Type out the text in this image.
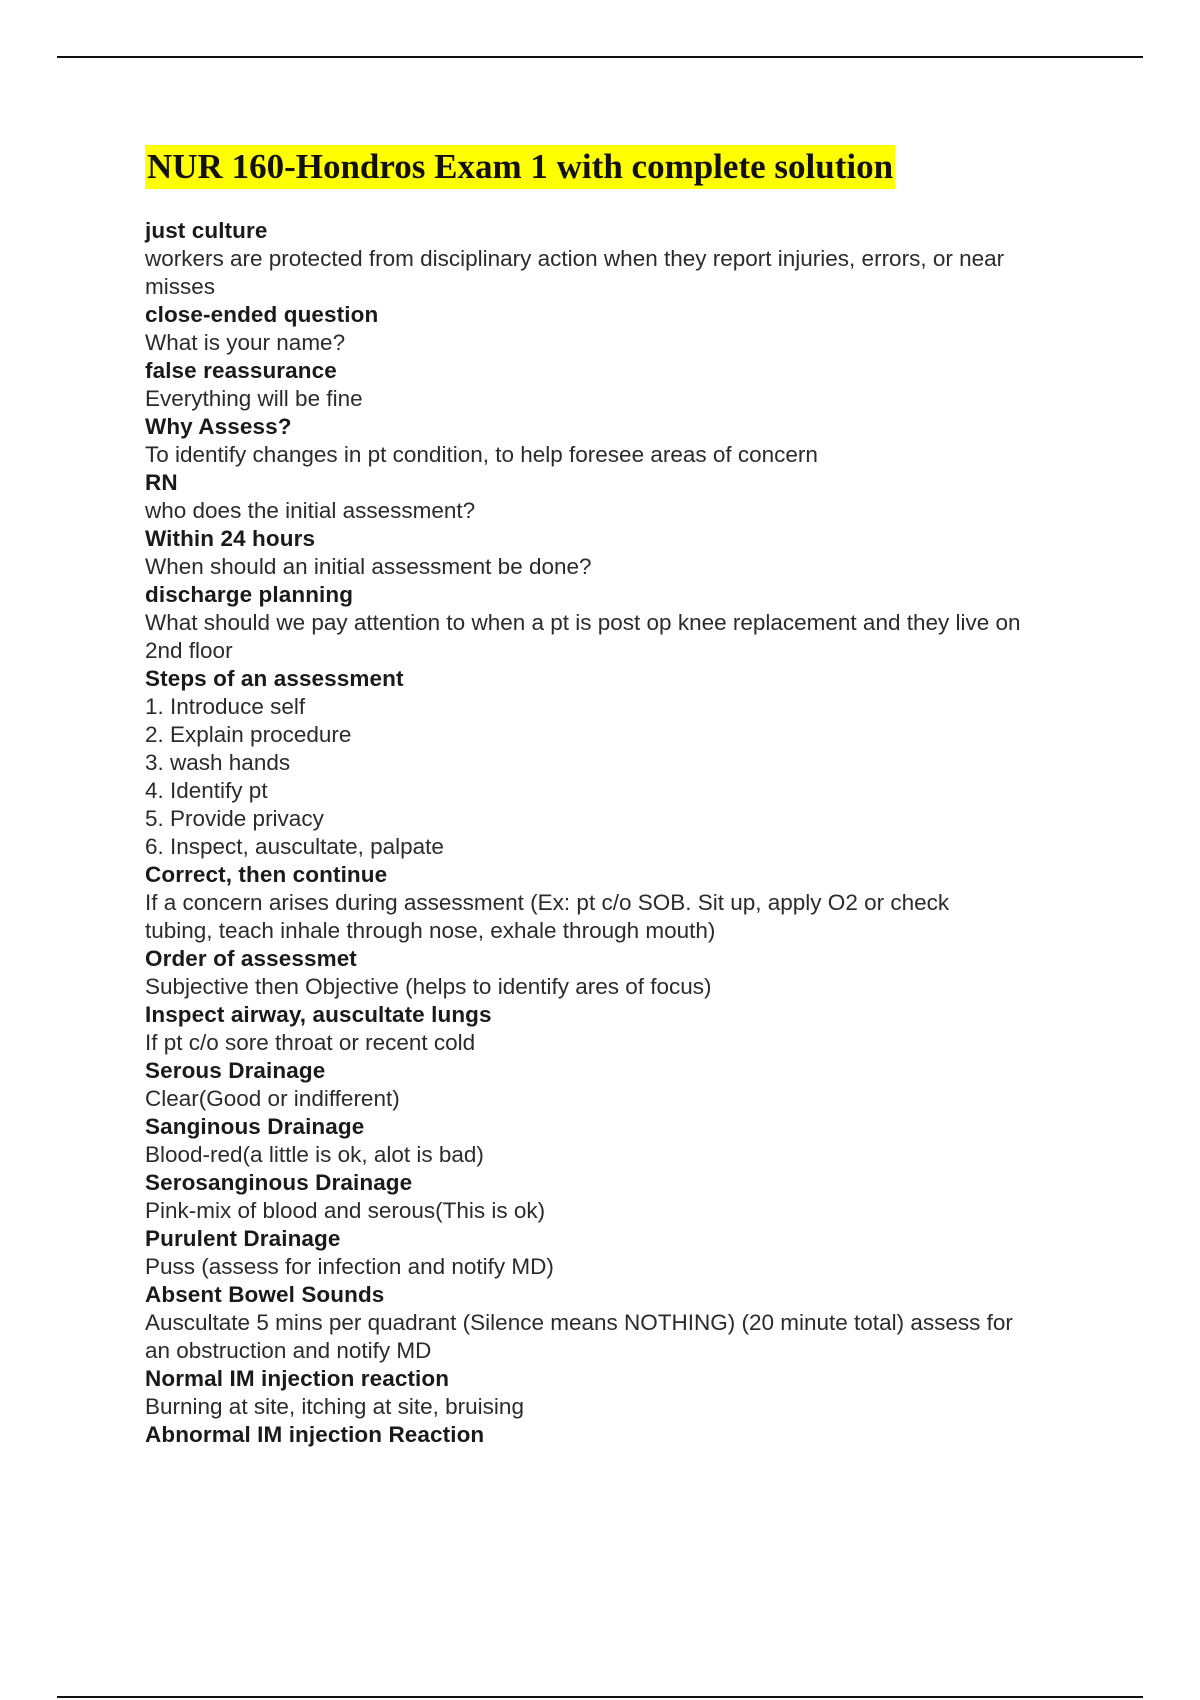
NUR 160-Hondros Exam 1 with complete solution
just culture
workers are protected from disciplinary action when they report injuries, errors, or near
misses
close-ended question
What is your name?
false reassurance
Everything will be fine
Why Assess?
To identify changes in pt condition, to help foresee areas of concern
RN
who does the initial assessment?
Within 24 hours
When should an initial assessment be done?
discharge planning
What should we pay attention to when a pt is post op knee replacement and they live on
2nd floor
Steps of an assessment
1. Introduce self
2. Explain procedure
3. wash hands
4. Identify pt
5. Provide privacy
6. Inspect, auscultate, palpate
Correct, then continue
If a concern arises during assessment (Ex: pt c/o SOB. Sit up, apply O2 or check
tubing, teach inhale through nose, exhale through mouth)
Order of assessmet
Subjective then Objective (helps to identify ares of focus)
Inspect airway, auscultate lungs
If pt c/o sore throat or recent cold
Serous Drainage
Clear(Good or indifferent)
Sanginous Drainage
Blood-red(a little is ok, alot is bad)
Serosanginous Drainage
Pink-mix of blood and serous(This is ok)
Purulent Drainage
Puss (assess for infection and notify MD)
Absent Bowel Sounds
Auscultate 5 mins per quadrant (Silence means NOTHING) (20 minute total) assess for
an obstruction and notify MD
Normal IM injection reaction
Burning at site, itching at site, bruising
Abnormal IM injection Reaction
